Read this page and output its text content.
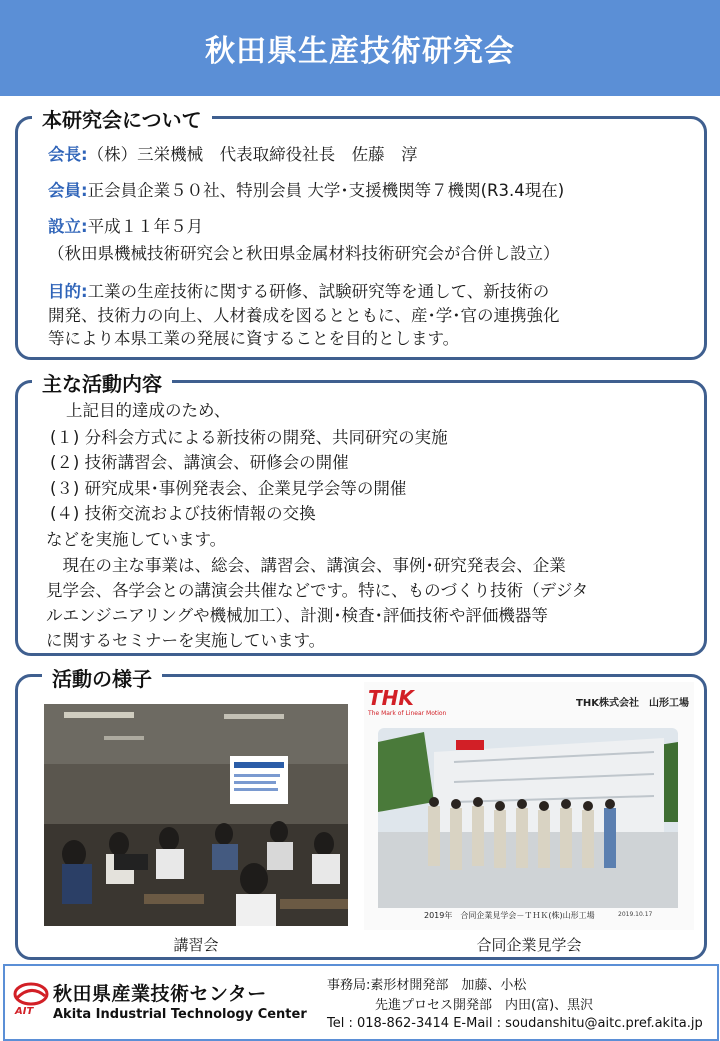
秋田県生産技術研究会
本研究会について
会長:（株）三栄機械　代表取締役社長　佐藤　淳
会員:正会員企業５０社、特別会員 大学･支援機関等７機関(R3.4現在)
設立:平成１１年５月
（秋田県機械技術研究会と秋田県金属材料技術研究会が合併し設立）
目的:工業の生産技術に関する研修、試験研究等を通して、新技術の
開発、技術力の向上、人材養成を図るとともに、産･学･官の連携強化
等により本県工業の発展に資することを目的とします。
主な活動内容
上記目的達成のため、
(１) 分科会方式による新技術の開発、共同研究の実施
(２) 技術講習会、講演会、研修会の開催
(３) 研究成果･事例発表会、企業見学会等の開催
(４) 技術交流および技術情報の交換
などを実施しています。
　現在の主な事業は、総会、講習会、講演会、事例･研究発表会、企業
見学会、各学会との講演会共催などです。特に、ものづくり技術（デジタ
ルエンジニアリングや機械加工）、計測･検査･評価技術や評価機器等
に関するセミナーを実施しています。
活動の様子
講習会
THK
The Mark of Linear Motion
THK株式会社　山形工場
2019年　合同企業見学会－ＴＨＫ(株)山形工場	2019.10.17
合同企業見学会
AIT
秋田県産業技術センター
Akita Industrial Technology Center
事務局:素形材開発部　加藤、小松
先進プロセス開発部　内田(富)、黒沢
Tel : 018-862-3414 E-Mail : soudanshitu@aitc.pref.akita.jp
